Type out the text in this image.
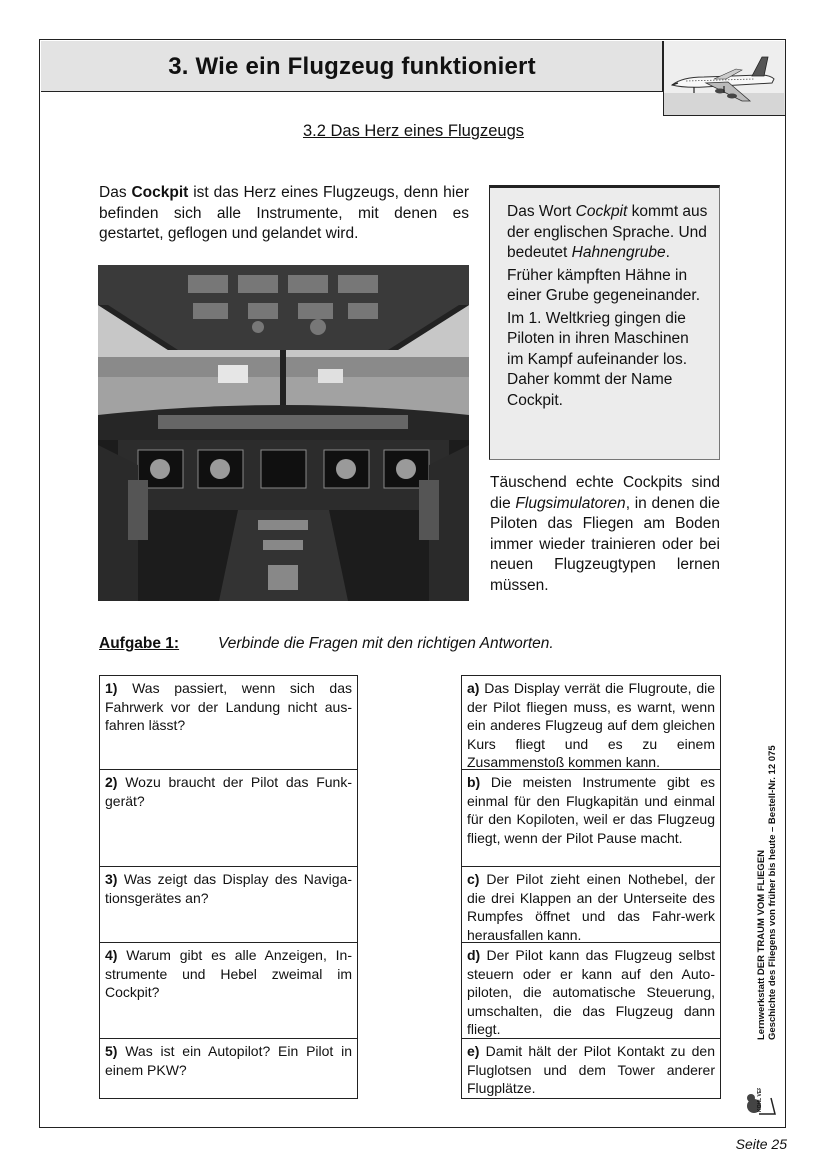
3. Wie ein Flugzeug funktioniert
3.2 Das Herz eines Flugzeugs
Das Cockpit ist das Herz eines Flugzeugs, denn hier befinden sich alle Instrumente, mit denen es gestartet, geflogen und gelandet wird.

Das Wort Cockpit kommt aus der englischen Sprache. Und bedeutet Hahnengrube.

Früher kämpften Hähne in einer Grube gegeneinander.

Im 1. Weltkrieg gingen die Piloten in ihren Maschinen im Kampf aufeinander los. Daher kommt der Name Cockpit.

Täuschend echte Cockpits sind die Flugsimulatoren, in denen die Piloten das Fliegen am Boden immer wieder trainieren oder bei neuen Flugzeugtypen lernen müssen.
Aufgabe 1:	Verbinde die Fragen mit den richtigen Antworten.
1) Was passiert, wenn sich das Fahrwerk vor der Landung nicht aus-fahren lässt?
2) Wozu braucht der Pilot das Funk-gerät?
3) Was zeigt das Display des Naviga-tionsgerätes an?
4) Warum gibt es alle Anzeigen, In-strumente und Hebel zweimal im Cockpit?
5) Was ist ein Autopilot? Ein Pilot in einem PKW?
a) Das Display verrät die Flugroute, die der Pilot fliegen muss, es warnt, wenn ein anderes Flugzeug auf dem gleichen Kurs fliegt und es zu einem Zusammenstoß kommen kann.
b) Die meisten Instrumente gibt es einmal für den Flugkapitän und einmal für den Kopiloten, weil er das Flugzeug fliegt, wenn der Pilot Pause macht.
c) Der Pilot zieht einen Nothebel, der die drei Klappen an der Unterseite des Rumpfes öffnet und das Fahr-werk herausfallen kann.
d) Der Pilot kann das Flugzeug selbst steuern oder er kann auf den Auto-piloten, die automatische Steuerung, umschalten, die das Flugzeug dann fliegt.
e) Damit hält der Pilot Kontakt zu den Fluglotsen und dem Tower anderer Flugplätze.
Lernwerkstatt DER TRAUM VOM FLIEGEN Geschichte des Fliegens von früher bis heute – Bestell-Nr. 12 075
KOHL VERLAG
Seite 25
